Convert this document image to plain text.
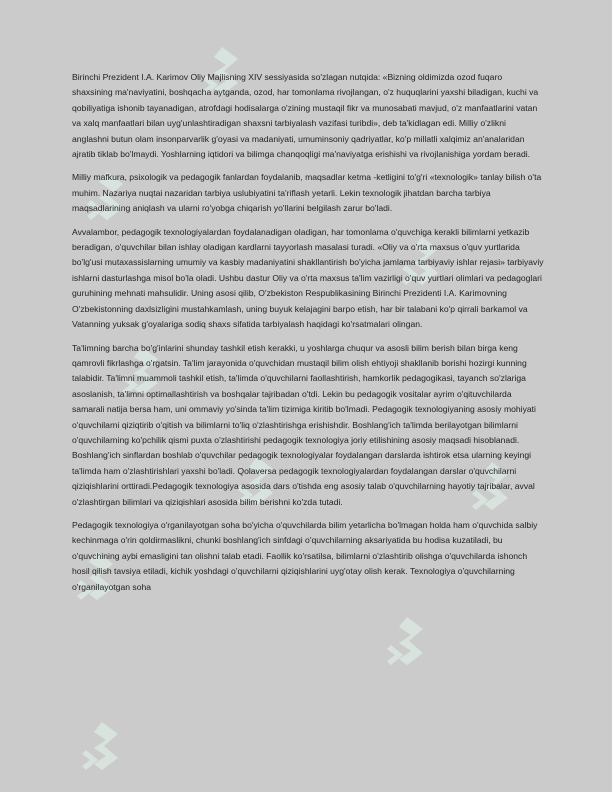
Birinchi Prezident I.A. Karimov Oliy Majlisning XIV sessiyasida so'zlagan nutqida: «Bizning oldimizda ozod fuqaro shaxsining ma'naviyatini, boshqacha aytganda, ozod, har tomonlama rivojlangan, o'z huquqlarini yaxshi biladigan, kuchi va qobiliyatiga ishonib tayanadigan, atrofdagi hodisalarga o'zining mustaqil fikr va munosabati mavjud, o'z manfaatlarini vatan va xalq manfaatlari bilan uyg'unlashtiradigan shaxsni tarbiyalash vazifasi turibdi», deb ta'kidlagan edi. Milliy o'zlikni anglashni butun olam insonparvarlik g'oyasi va madaniyati, umuminsoniy qadriyatlar, ko'p millatli xalqimiz an'analaridan ajratib tiklab bo'lmaydi. Yoshlarning iqtidori va bilimga chanqoqligi ma'naviyatga erishishi va rivojlanishiga yordam beradi.

Milliy mafkura, psixologik va pedagogik fanlardan foydalanib, maqsadlar ketma -ketligini to'g'ri «texnologik» tanlay bilish o'ta muhim. Nazariya nuqtai nazaridan tarbiya uslubiyatini ta'riflash yetarli. Lekin texnologik jihatdan barcha tarbiya maqsadlarining aniqlash va ularni ro'yobga chiqarish yo'llarini belgilash zarur bo'ladi.

Avvalambor, pedagogik texnologiyalardan foydalanadigan oladigan, har tomonlama o'quvchiga kerakli bilimlarni yetkazib beradigan, o'quvchilar bilan ishlay oladigan kardlarni tayyorlash masalasi turadi. «Oliy va o'rta maxsus o'quv yurtlarida bo'lg'usi mutaxassislarning umumiy va kasbiy madaniyatini shakllantirish bo'yicha jamlama tarbiyaviy ishlar rejasi» tarbiyaviy ishlarni dasturlashga misol bo'la oladi. Ushbu dastur Oliy va o'rta maxsus ta'lim vazirligi o'quv yurtlari olimlari va pedagoglari guruhining mehnati mahsulidir. Uning asosi qilib, O'zbekiston Respublikasining Birinchi Prezidenti I.A. Karimovning O'zbekistonning daxlsizligini mustahkamlash, uning buyuk kelajagini barpo etish, har bir talabani ko'p qirrali barkamol va Vatanning yuksak g'oyalariga sodiq shaxs sifatida tarbiyalash haqidagi ko'rsatmalari olingan.

Ta'limning barcha bo'g'inlarini shunday tashkil etish kerakki, u yoshlarga chuqur va asosli bilim berish bilan birga keng qamrovli fikrlashga o'rgatsin. Ta'lim jarayonida o'quvchidan mustaqil bilim olish ehtiyoji shakllanib borishi hozirgi kunning talabidir. Ta'limni muammoli tashkil etish, ta'limda o'quvchilarni faollashtirish, hamkorlik pedagogikasi, tayanch so'zlariga asoslanish, ta'limni optimallashtirish va boshqalar tajribadan o'tdi. Lekin bu pedagogik vositalar ayrim o'qituvchilarda samarali natija bersa ham, uni ommaviy yo'sinda ta'lim tizimiga kiritib bo'lmadi. Pedagogik texnologiyaning asosiy mohiyati o'quvchilarni qiziqtirib o'qitish va bilimlarni to'liq o'zlashtirishga erishishdir. Boshlang'ich ta'limda berilayotgan bilimlarni o'quvchilarning ko'pchilik qismi puxta o'zlashtirishi pedagogik texnologiya joriy etilishining asosiy maqsadi hisoblanadi. Boshlang'ich sinflardan boshlab o'quvchilar pedagogik texnologiyalar foydalangan darslarda ishtirok etsa ularning keyingi ta'limda ham o'zlashtirishlari yaxshi bo'ladi. Qolaversa pedagogik texnologiyalardan foydalangan darslar o'quvchilarni qiziqishlarini orttiradi.Pedagogik texnologiya asosida dars o'tishda eng asosiy talab o'quvchilarning hayotiy tajribalar, avval o'zlashtirgan bilimlari va qiziqishlari asosida bilim berishni ko'zda tutadi.

Pedagogik texnologiya o'rganilayotgan soha bo'yicha o'quvchilarda bilim yetarlicha bo'lmagan holda ham o'quvchida salbiy kechinmaga o'rin qoldirmaslikni, chunki boshlang'ich sinfdagi o'quvchilarning aksariyatida bu hodisa kuzatiladi, bu o'quvchining aybi emasligini tan olishni talab etadi. Faollik ko'rsatilsa, bilimlarni o'zlashtirib olishga o'quvchilarda ishonch hosil qilish tavsiya etiladi, kichik yoshdagi o'quvchilarni qiziqishlarini uyg'otay olish kerak. Texnologiya o'quvchilarning o'rganilayotgan soha
